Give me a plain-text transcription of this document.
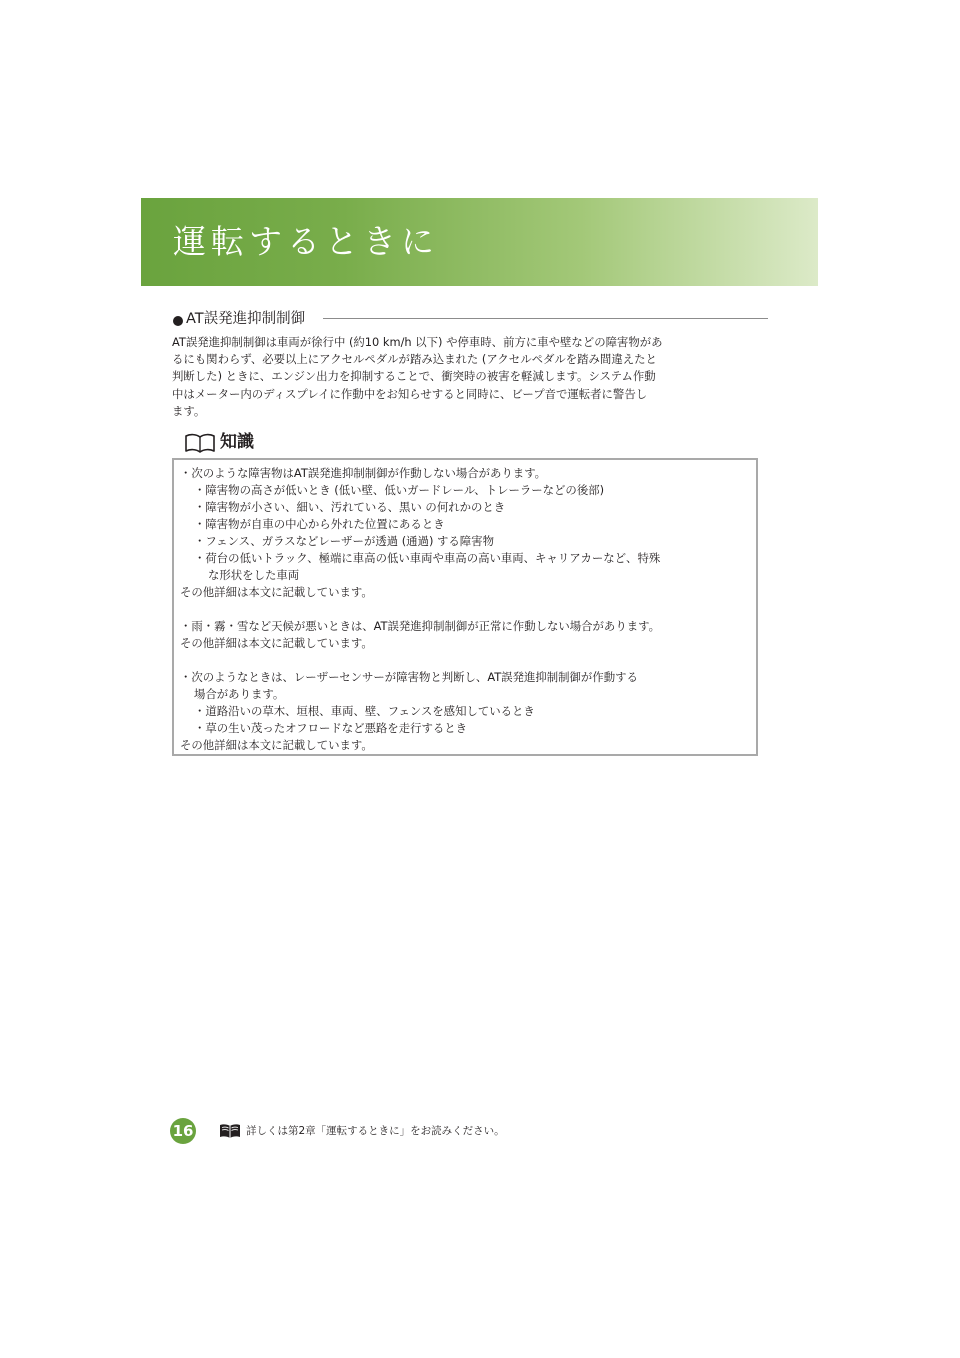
運転するときに
AT誤発進抑制制御
AT誤発進抑制制御は車両が徐行中 (約10 km/h 以下) や停車時、前方に車や壁などの障害物があ
るにも関わらず、必要以上にアクセルペダルが踏み込まれた (アクセルペダルを踏み間違えたと
判断した) ときに、エンジン出力を抑制することで、衝突時の被害を軽減します。システム作動
中はメーター内のディスプレイに作動中をお知らせすると同時に、ビープ音で運転者に警告し
ます。
知識
・次のような障害物はAT誤発進抑制制御が作動しない場合があります。
・障害物の高さが低いとき (低い壁、低いガードレール、トレーラーなどの後部)
・障害物が小さい、細い、汚れている、黒い の何れかのとき
・障害物が自車の中心から外れた位置にあるとき
・フェンス、ガラスなどレーザーが透過 (通過) する障害物
・荷台の低いトラック、極端に車高の低い車両や車高の高い車両、キャリアカーなど、特殊
な形状をした車両
その他詳細は本文に記載しています。
・雨・霧・雪など天候が悪いときは、AT誤発進抑制制御が正常に作動しない場合があります。
その他詳細は本文に記載しています。
・次のようなときは、レーザーセンサーが障害物と判断し、AT誤発進抑制制御が作動する
場合があります。
・道路沿いの草木、垣根、車両、壁、フェンスを感知しているとき
・草の生い茂ったオフロードなど悪路を走行するとき
その他詳細は本文に記載しています。
16	詳しくは第2章「運転するときに」をお読みください。
